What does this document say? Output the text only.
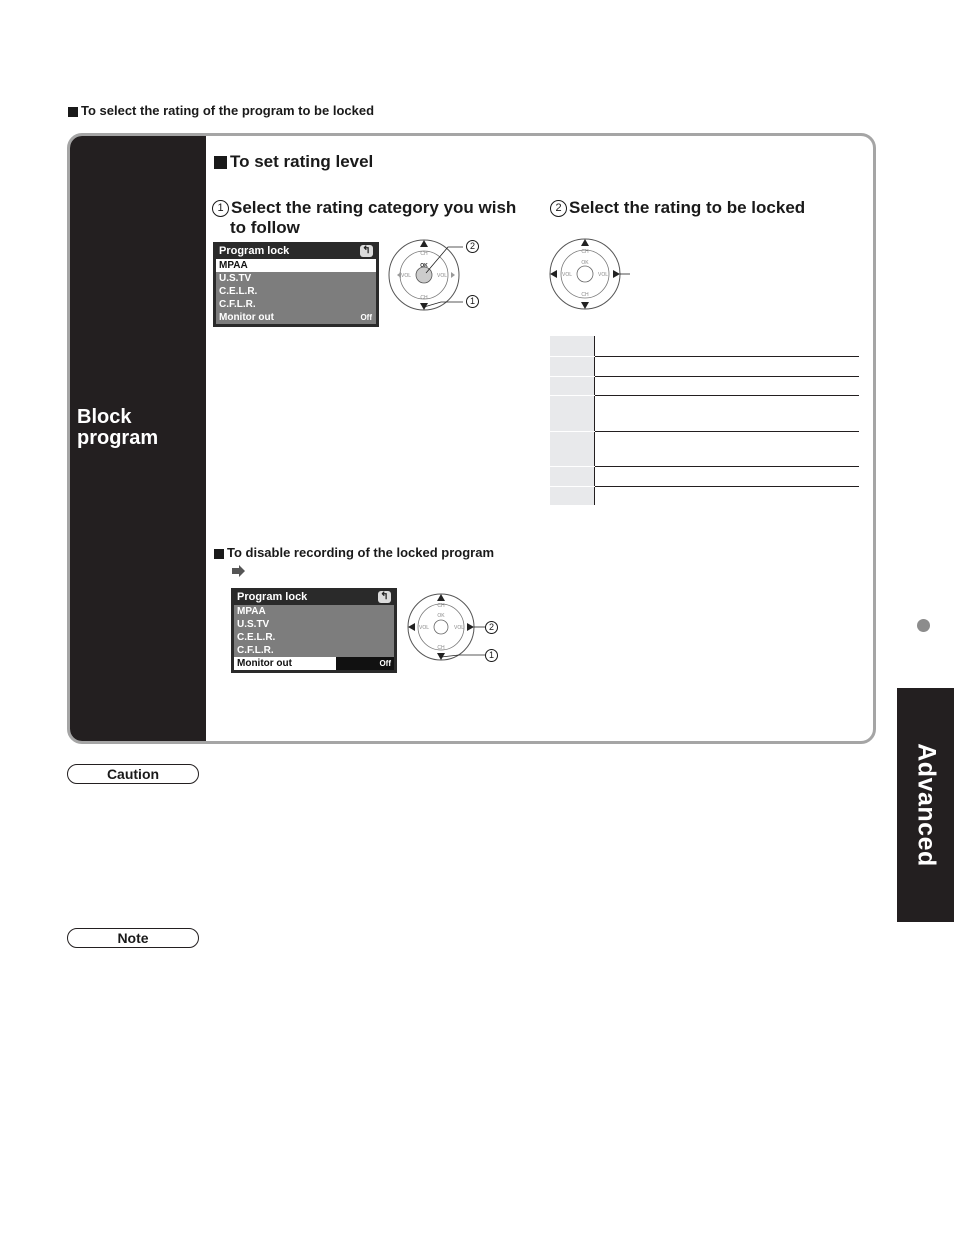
To select the rating of the program to be locked
Block
program
To set rating level
1 Select the rating category you wish
to follow
2 Select the rating to be locked
Program lock	↰
MPAA
U.S.TV
C.E.L.R.
C.F.L.R.
Monitor out	Off
OK
CH
CH
VOL	VOL
2
1
OK
CH
CH
VOL	VOL

To disable recording of the locked program
Program lock	↰
MPAA
U.S.TV
C.E.L.R.
C.F.L.R.
Monitor out	Off
OK
CH
CH
VOL	VOL	2
1
Caution
Note
Advanced
